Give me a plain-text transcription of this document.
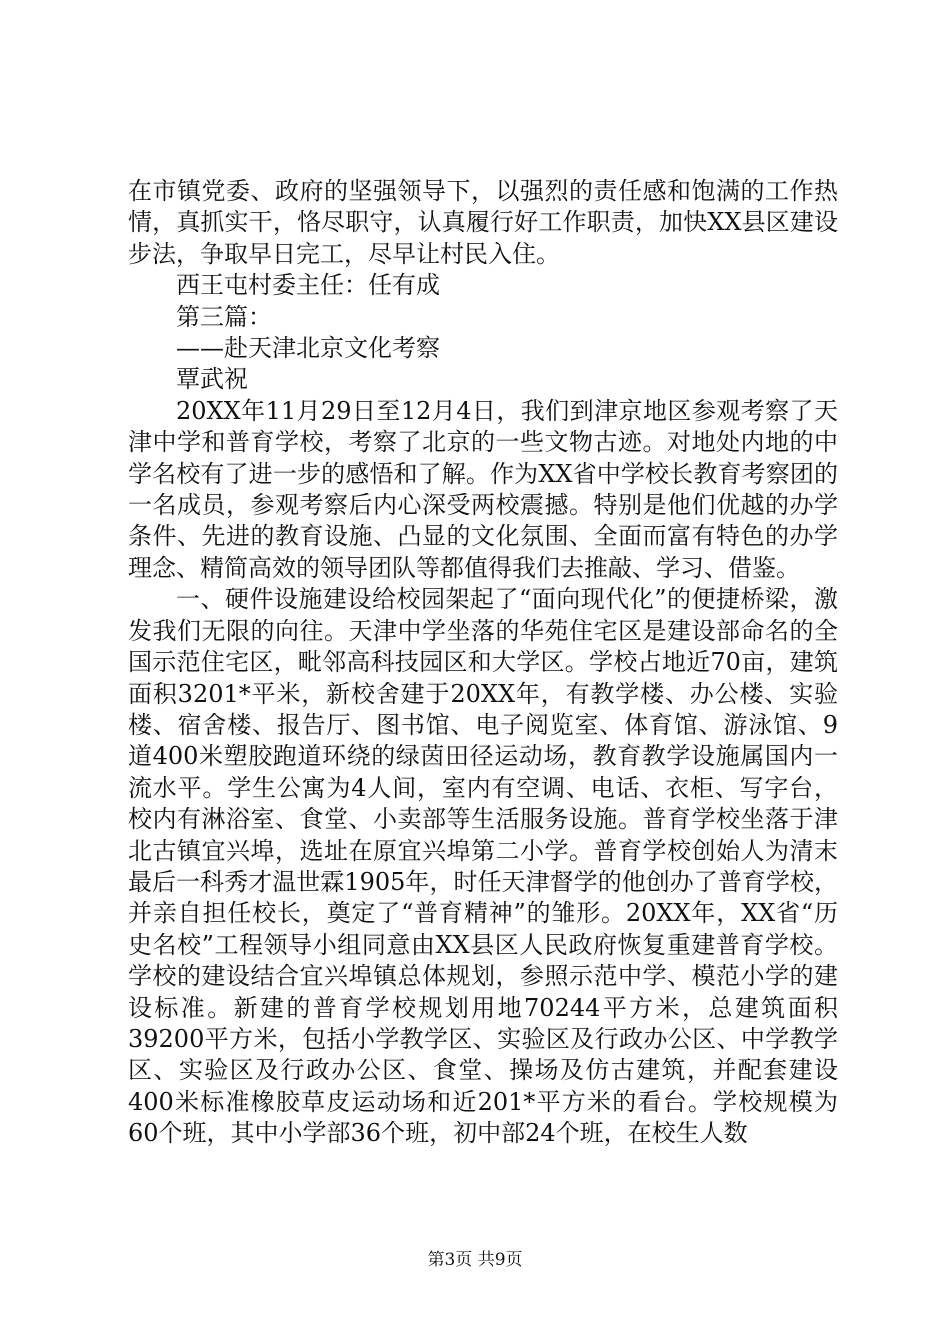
在市镇党委、政府的坚强领导下，以强烈的责任感和饱满的工作热情，真抓实干，恪尽职守，认真履行好工作职责，加快XX县区建设步法，争取早日完工，尽早让村民入住。

西王屯村委主任：任有成

第三篇：

——赴天津北京文化考察

覃武祝

20XX年11月29日至12月4日，我们到津京地区参观考察了天津中学和普育学校，考察了北京的一些文物古迹。对地处内地的中学名校有了进一步的感悟和了解。作为XX省中学校长教育考察团的一名成员，参观考察后内心深受两校震撼。特别是他们优越的办学条件、先进的教育设施、凸显的文化氛围、全面而富有特色的办学理念、精简高效的领导团队等都值得我们去推敲、学习、借鉴。

一、硬件设施建设给校园架起了“面向现代化”的便捷桥梁，激发我们无限的向往。天津中学坐落的华苑住宅区是建设部命名的全国示范住宅区，毗邻高科技园区和大学区。学校占地近70亩，建筑面积3201*平米，新校舍建于20XX年，有教学楼、办公楼、实验楼、宿舍楼、报告厅、图书馆、电子阅览室、体育馆、游泳馆、9道400米塑胶跑道环绕的绿茵田径运动场，教育教学设施属国内一流水平。学生公寓为4人间，室内有空调、电话、衣柜、写字台，校内有淋浴室、食堂、小卖部等生活服务设施。普育学校坐落于津北古镇宜兴埠，选址在原宜兴埠第二小学。普育学校创始人为清末最后一科秀才温世霖1905年，时任天津督学的他创办了普育学校，并亲自担任校长，奠定了“普育精神”的雏形。20XX年，XX省“历史名校”工程领导小组同意由XX县区人民政府恢复重建普育学校。学校的建设结合宜兴埠镇总体规划，参照示范中学、模范小学的建设标准。新建的普育学校规划用地70244平方米，总建筑面积39200平方米，包括小学教学区、实验区及行政办公区、中学教学区、实验区及行政办公区、食堂、操场及仿古建筑，并配套建设400米标准橡胶草皮运动场和近201*平方米的看台。学校规模为60个班，其中小学部36个班，初中部24个班，在校生人数

第3页 共9页
